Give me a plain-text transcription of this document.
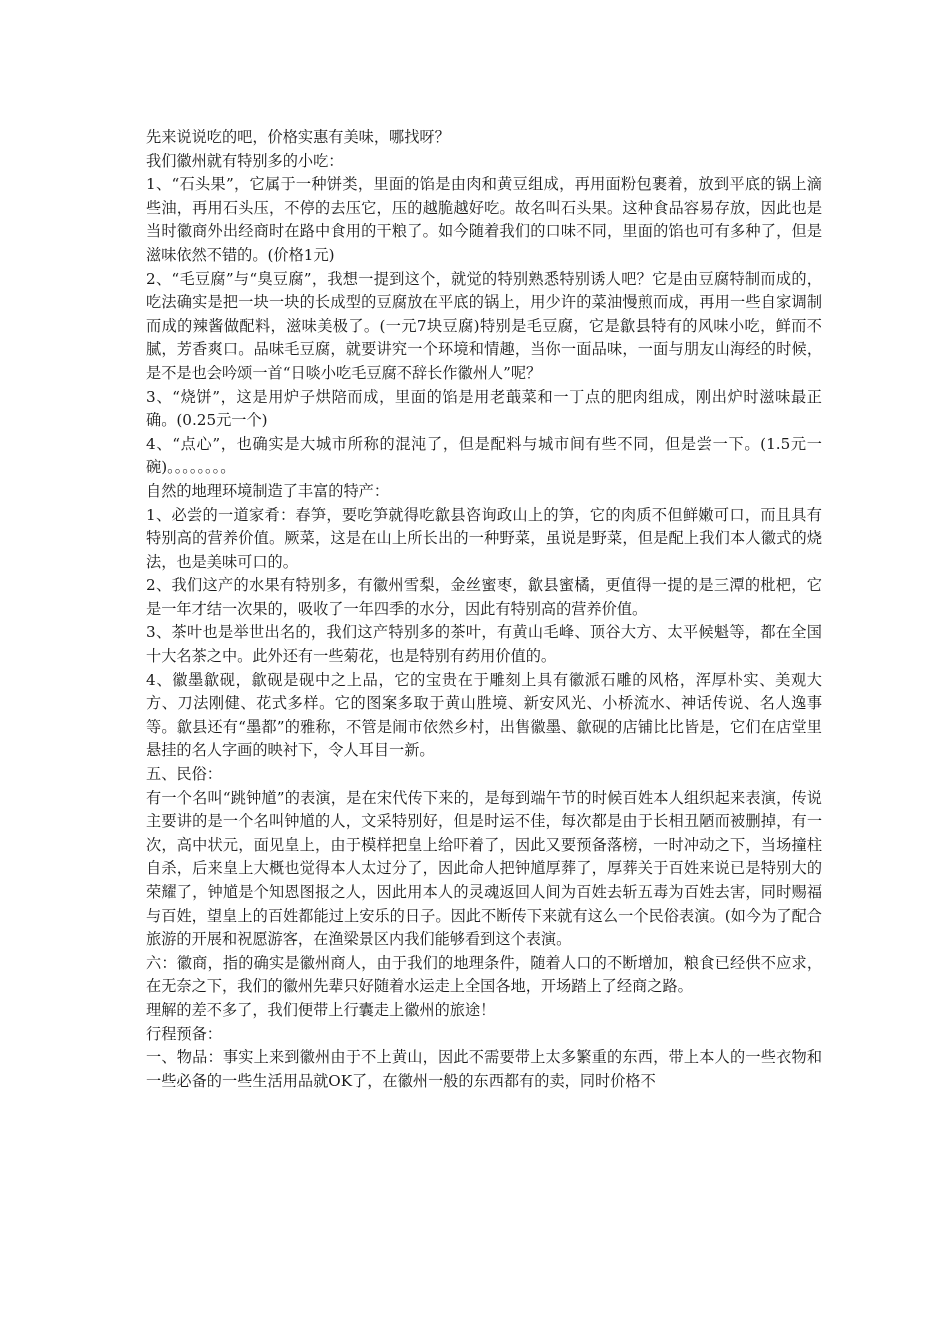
先来说说吃的吧，价格实惠有美味，哪找呀？

我们徽州就有特别多的小吃：

1、“石头果”，它属于一种饼类，里面的馅是由肉和黄豆组成，再用面粉包裹着，放到平底的锅上滴些油，再用石头压，不停的去压它，压的越脆越好吃。故名叫石头果。这种食品容易存放，因此也是当时徽商外出经商时在路中食用的干粮了。如今随着我们的口味不同，里面的馅也可有多种了，但是滋味依然不错的。(价格1元)

2、“毛豆腐”与“臭豆腐”，我想一提到这个，就觉的特别熟悉特别诱人吧？它是由豆腐特制而成的，吃法确实是把一块一块的长成型的豆腐放在平底的锅上，用少许的菜油慢煎而成，再用一些自家调制而成的辣酱做配料，滋味美极了。(一元7块豆腐)特别是毛豆腐，它是歙县特有的风味小吃，鲜而不腻，芳香爽口。品味毛豆腐，就要讲究一个环境和情趣，当你一面品味，一面与朋友山海经的时候，是不是也会吟颂一首“日啖小吃毛豆腐不辞长作徽州人”呢？

3、“烧饼”，这是用炉子烘陪而成，里面的馅是用老蕺菜和一丁点的肥肉组成，刚出炉时滋味最正确。(0.25元一个)

4、“点心”，也确实是大城市所称的混沌了，但是配料与城市间有些不同，但是尝一下。(1.5元一碗)。。。。。。。。

自然的地理环境制造了丰富的特产：

1、必尝的一道家肴：春笋，要吃笋就得吃歙县咨询政山上的笋，它的肉质不但鲜嫩可口，而且具有特别高的营养价值。厥菜，这是在山上所长出的一种野菜，虽说是野菜，但是配上我们本人徽式的烧法，也是美味可口的。

2、我们这产的水果有特别多，有徽州雪梨，金丝蜜枣，歙县蜜橘，更值得一提的是三潭的枇杷，它是一年才结一次果的，吸收了一年四季的水分，因此有特别高的营养价值。

3、茶叶也是举世出名的，我们这产特别多的茶叶，有黄山毛峰、顶谷大方、太平候魁等，都在全国十大名茶之中。此外还有一些菊花，也是特别有药用价值的。

4、徽墨歙砚，歙砚是砚中之上品，它的宝贵在于雕刻上具有徽派石雕的风格，浑厚朴实、美观大方、刀法刚健、花式多样。它的图案多取于黄山胜境、新安风光、小桥流水、神话传说、名人逸事等。歙县还有“墨都”的雅称，不管是闹市依然乡村，出售徽墨、歙砚的店铺比比皆是，它们在店堂里悬挂的名人字画的映衬下，令人耳目一新。

五、民俗：

有一个名叫“跳钟馗”的表演，是在宋代传下来的，是每到端午节的时候百姓本人组织起来表演，传说主要讲的是一个名叫钟馗的人，文采特别好，但是时运不佳，每次都是由于长相丑陋而被删掉，有一次，高中状元，面见皇上，由于模样把皇上给吓着了，因此又要预备落榜，一时冲动之下，当场撞柱自杀，后来皇上大概也觉得本人太过分了，因此命人把钟馗厚葬了，厚葬关于百姓来说已是特别大的荣耀了，钟馗是个知恩图报之人，因此用本人的灵魂返回人间为百姓去斩五毒为百姓去害，同时赐福与百姓，望皇上的百姓都能过上安乐的日子。因此不断传下来就有这么一个民俗表演。(如今为了配合旅游的开展和祝愿游客，在渔梁景区内我们能够看到这个表演。

六：徽商，指的确实是徽州商人，由于我们的地理条件，随着人口的不断增加，粮食已经供不应求，在无奈之下，我们的徽州先辈只好随着水运走上全国各地，开场踏上了经商之路。

理解的差不多了，我们便带上行囊走上徽州的旅途！

行程预备：

一、物品：事实上来到徽州由于不上黄山，因此不需要带上太多繁重的东西，带上本人的一些衣物和一些必备的一些生活用品就OK了，在徽州一般的东西都有的卖，同时价格不
